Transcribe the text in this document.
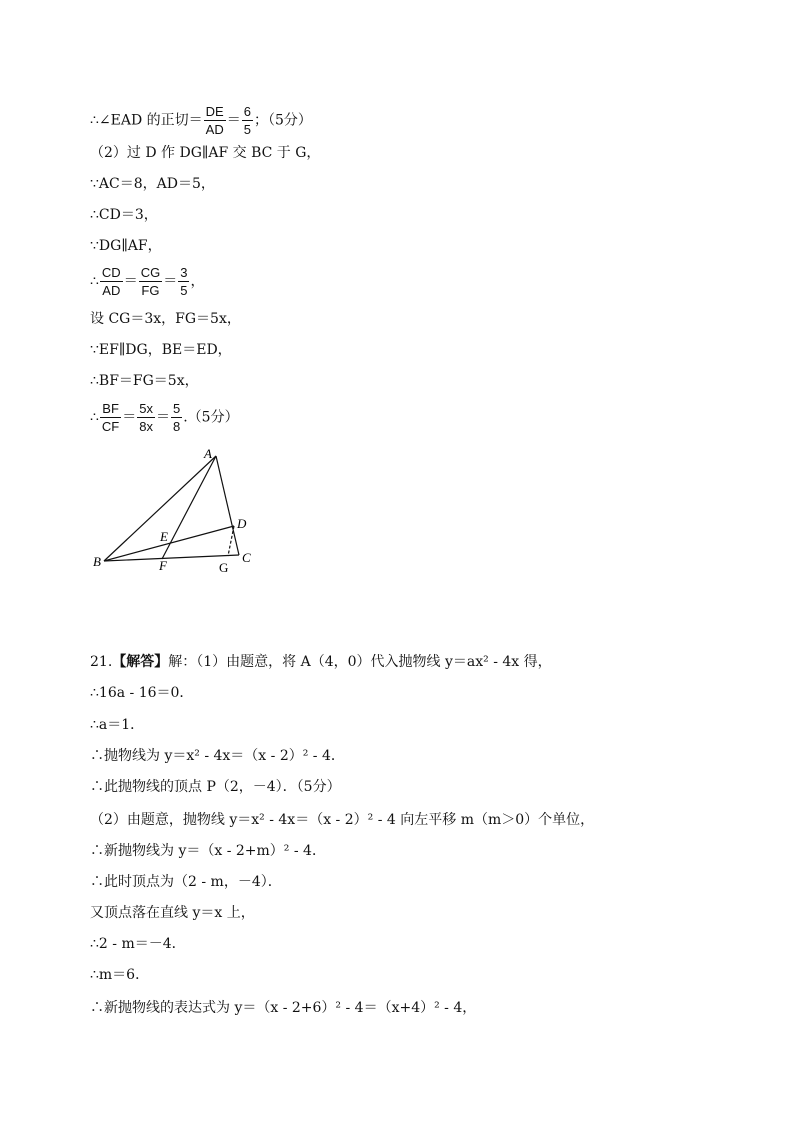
∴∠EAD 的正切＝ $\frac{DE}{AD} = \frac{6}{5}$ ；（5分）
（2）过 D 作 DG∥AF 交 BC 于 G，
∵AC＝8，AD＝5，
∴CD＝3，
∵DG∥AF，
∴ $\frac{CD}{AD} = \frac{CG}{FG} = \frac{3}{5}$ ，
设 CG＝3x，FG＝5x，
∵EF∥DG，BE＝ED，
∴BF＝FG＝5x，
∴ $\frac{BF}{CF} = \frac{5x}{8x} = \frac{5}{8} .(5$分）
A
B	C
D
E
F	G
21.【解答】解：（1）由题意，将 A（4，0）代入抛物线 y＝ax² - 4x 得，
∴16a - 16＝0．
∴a＝1．
∴抛物线为 y＝x² - 4x＝（x - 2）² - 4．
∴此抛物线的顶点 P（2，－4）．（5分）
（2）由题意，抛物线 y＝x² - 4x＝（x - 2）² - 4 向左平移 m（m＞0）个单位，
∴新抛物线为 y＝（x - 2+m）² - 4．
∴此时顶点为（2 - m，－4）．
又顶点落在直线 y＝x 上，
∴2 - m＝－4．
∴m＝6．
∴新抛物线的表达式为 y＝（x - 2+6）² - 4＝（x+4）² - 4，
